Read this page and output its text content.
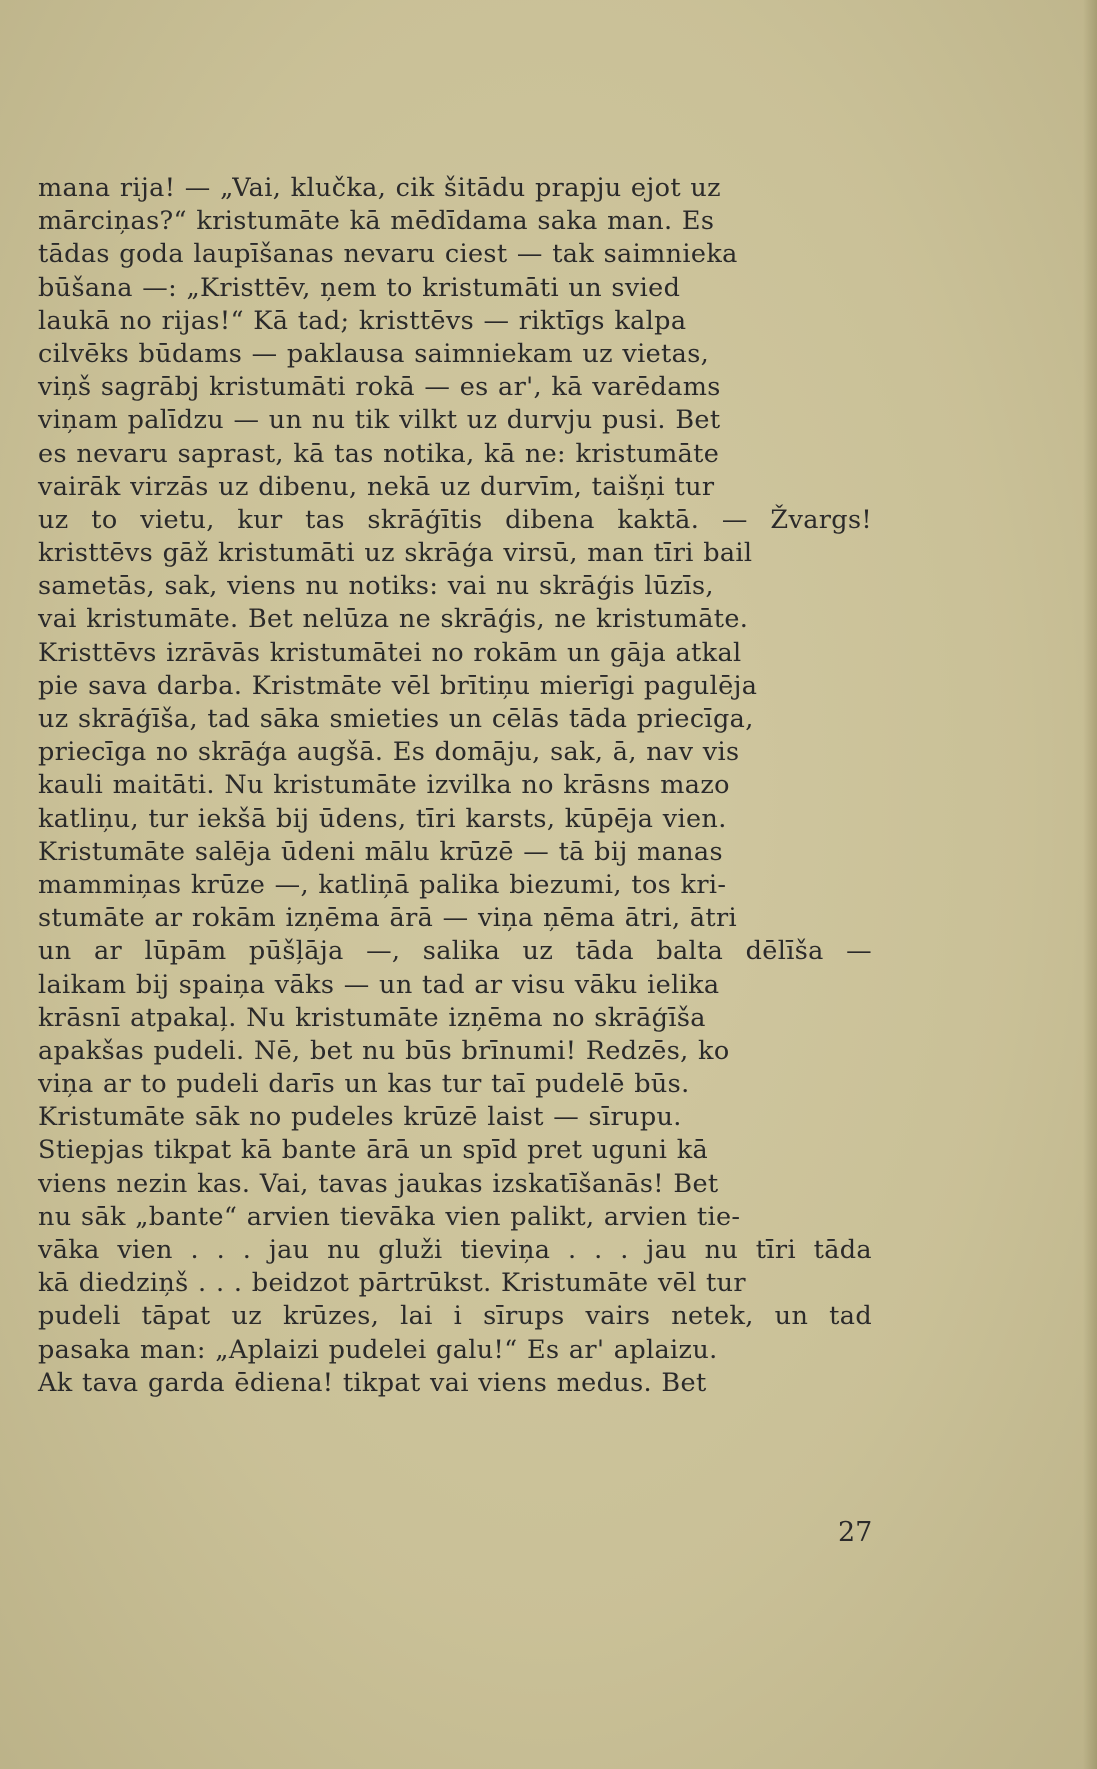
mana rija! — „Vai, klučka, cik šitādu prapju ejot uz
mārciņas?“ kristumāte kā mēdīdama saka man. Es
tādas goda laupīšanas nevaru ciest — tak saimnieka
būšana —: „Kristtēv, ņem to kristumāti un svied
laukā no rijas!“ Kā tad; kristtēvs — riktīgs kalpa
cilvēks būdams — paklausa saimniekam uz vietas,
viņš sagrābj kristumāti rokā — es ar', kā varēdams
viņam palīdzu — un nu tik vilkt uz durvju pusi. Bet
es nevaru saprast, kā tas notika, kā ne: kristumāte
vairāk virzās uz dibenu, nekā uz durvīm, taišņi tur
uz to vietu, kur tas skrāģītis dibena kaktā. — Žvargs!
kristtēvs gāž kristumāti uz skrāģa virsū, man tīri bail
sametās, sak, viens nu notiks: vai nu skrāģis lūzīs,
vai kristumāte. Bet nelūza ne skrāģis, ne kristumāte.
Kristtēvs izrāvās kristumātei no rokām un gāja atkal
pie sava darba. Kristmāte vēl brītiņu mierīgi pagulēja
uz skrāģīša, tad sāka smieties un cēlās tāda priecīga,
priecīga no skrāģa augšā. Es domāju, sak, ā, nav vis
kauli maitāti. Nu kristumāte izvilka no krāsns mazo
katliņu, tur iekšā bij ūdens, tīri karsts, kūpēja vien.
Kristumāte salēja ūdeni mālu krūzē — tā bij manas
mammiņas krūze —, katliņā palika biezumi, tos kri-
stumāte ar rokām izņēma ārā — viņa ņēma ātri, ātri
un ar lūpām pūšļāja —, salika uz tāda balta dēlīša —
laikam bij spaiņa vāks — un tad ar visu vāku ielika
krāsnī atpakaļ. Nu kristumāte izņēma no skrāģīša
apakšas pudeli. Nē, bet nu būs brīnumi! Redzēs, ko
viņa ar to pudeli darīs un kas tur taī pudelē būs.
Kristumāte sāk no pudeles krūzē laist — sīrupu.
Stiepjas tikpat kā bante ārā un spīd pret uguni kā
viens nezin kas. Vai, tavas jaukas izskatīšanās! Bet
nu sāk „bante“ arvien tievāka vien palikt, arvien tie-
vāka vien . . . jau nu gluži tieviņa . . . jau nu tīri tāda
kā diedziņš . . . beidzot pārtrūkst. Kristumāte vēl tur
pudeli tāpat uz krūzes, lai i sīrups vairs netek, un tad
pasaka man: „Aplaizi pudelei galu!“ Es ar' aplaizu.
Ak tava garda ēdiena! tikpat vai viens medus. Bet
27
